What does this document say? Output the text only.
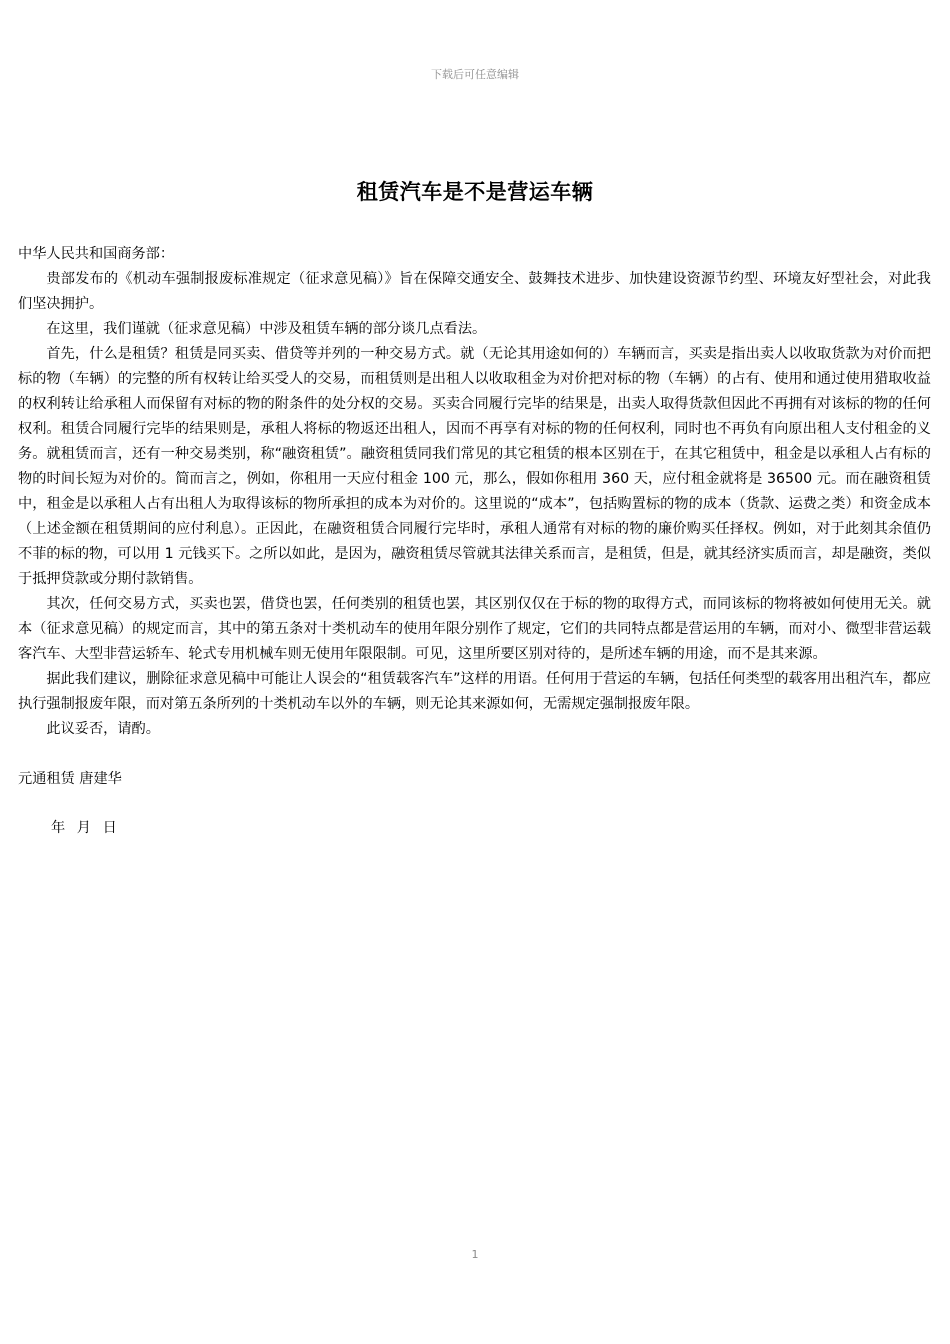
下载后可任意编辑
租赁汽车是不是营运车辆

中华人民共和国商务部：

贵部发布的《机动车强制报废标准规定（征求意见稿）》旨在保障交通安全、鼓舞技术进步、加快建设资源节约型、环境友好型社会，对此我们坚决拥护。

在这里，我们谨就（征求意见稿）中涉及租赁车辆的部分谈几点看法。

首先，什么是租赁？租赁是同买卖、借贷等并列的一种交易方式。就（无论其用途如何的）车辆而言，买卖是指出卖人以收取货款为对价而把标的物（车辆）的完整的所有权转让给买受人的交易，而租赁则是出租人以收取租金为对价把对标的物（车辆）的占有、使用和通过使用猎取收益的权利转让给承租人而保留有对标的物的附条件的处分权的交易。买卖合同履行完毕的结果是，出卖人取得货款但因此不再拥有对该标的物的任何权利。租赁合同履行完毕的结果则是，承租人将标的物返还出租人，因而不再享有对标的物的任何权利，同时也不再负有向原出租人支付租金的义务。就租赁而言，还有一种交易类别，称“融资租赁”。融资租赁同我们常见的其它租赁的根本区别在于，在其它租赁中，租金是以承租人占有标的物的时间长短为对价的。简而言之，例如，你租用一天应付租金 100 元，那么，假如你租用 360 天，应付租金就将是 36500 元。而在融资租赁中，租金是以承租人占有出租人为取得该标的物所承担的成本为对价的。这里说的“成本”，包括购置标的物的成本（货款、运费之类）和资金成本（上述金额在租赁期间的应付利息）。正因此，在融资租赁合同履行完毕时，承租人通常有对标的物的廉价购买任择权。例如，对于此刻其余值仍不菲的标的物，可以用 1 元钱买下。之所以如此，是因为，融资租赁尽管就其法律关系而言，是租赁，但是，就其经济实质而言，却是融资，类似于抵押贷款或分期付款销售。

其次，任何交易方式，买卖也罢，借贷也罢，任何类别的租赁也罢，其区别仅仅在于标的物的取得方式，而同该标的物将被如何使用无关。就本（征求意见稿）的规定而言，其中的第五条对十类机动车的使用年限分别作了规定，它们的共同特点都是营运用的车辆，而对小、微型非营运载客汽车、大型非营运轿车、轮式专用机械车则无使用年限限制。可见，这里所要区别对待的，是所述车辆的用途，而不是其来源。

据此我们建议，删除征求意见稿中可能让人误会的“租赁载客汽车”这样的用语。任何用于营运的车辆，包括任何类型的载客用出租汽车，都应执行强制报废年限，而对第五条所列的十类机动车以外的车辆，则无论其来源如何，无需规定强制报废年限。

此议妥否，请酌。

元通租赁 唐建华

年 月 日

1
